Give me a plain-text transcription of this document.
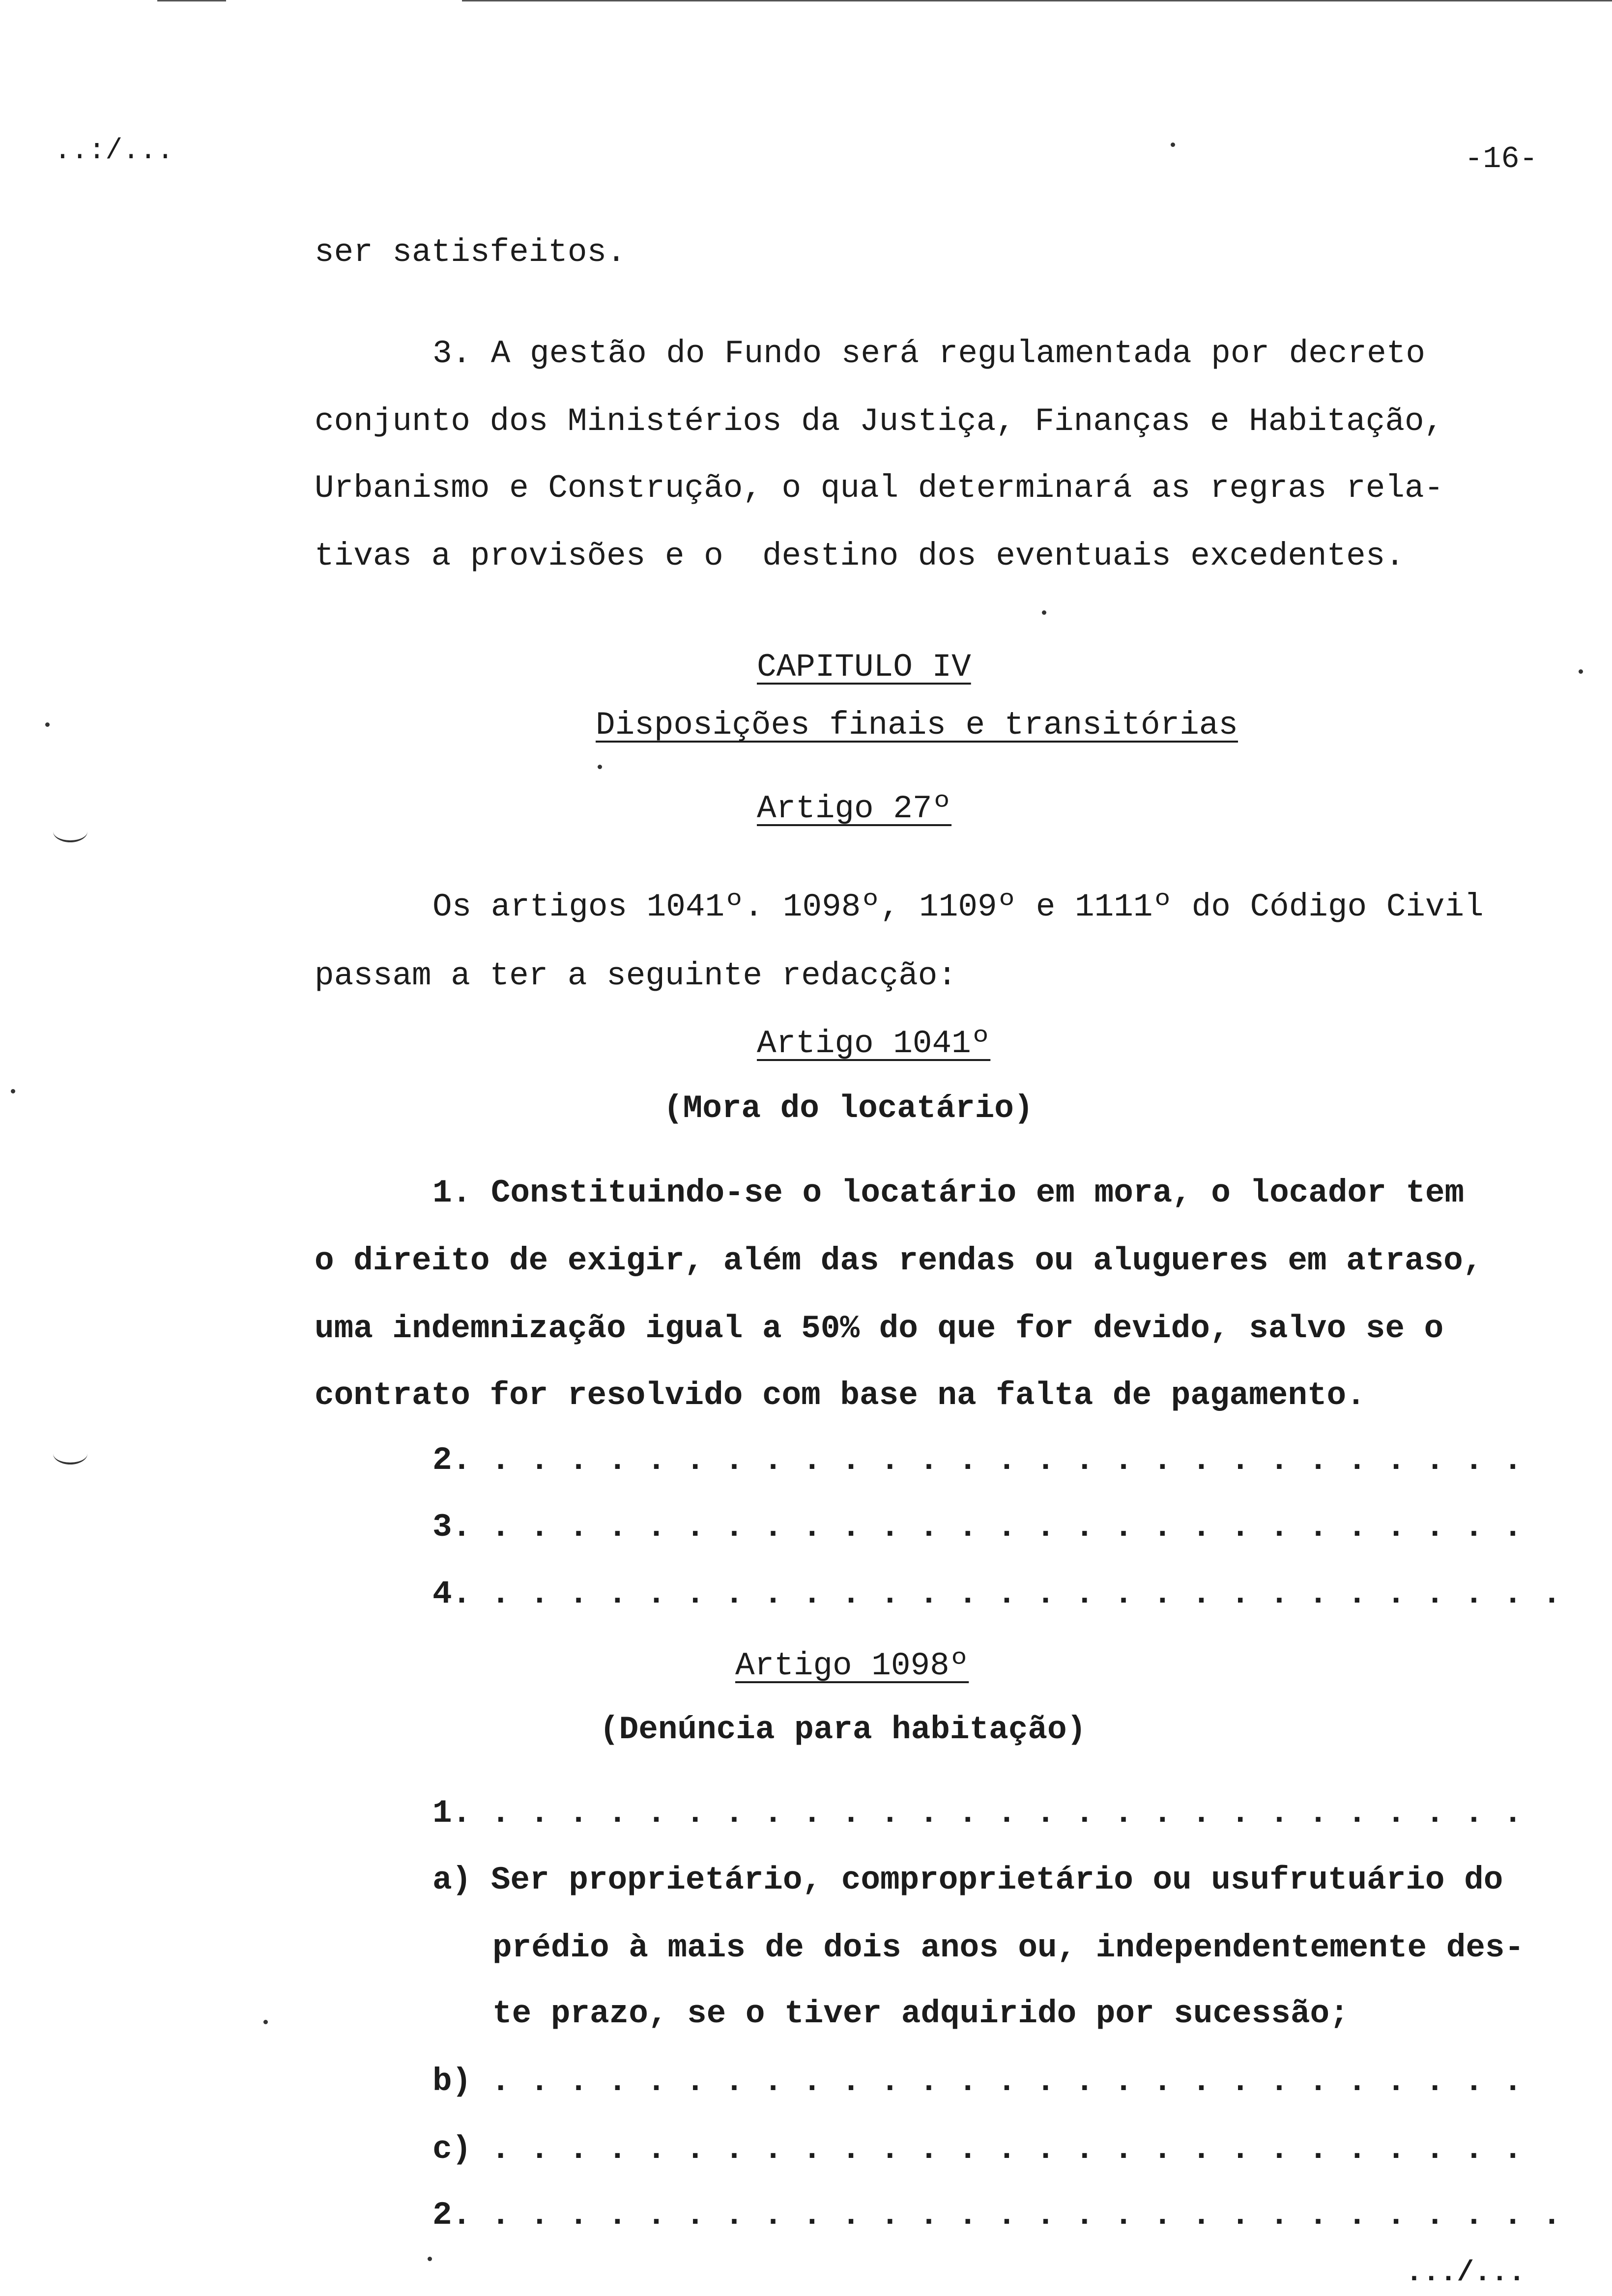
..:/...	-16-
ser satisfeitos.
3. A gestão do Fundo será regulamentada por decreto
conjunto dos Ministérios da Justiça, Finanças e Habitação,
Urbanismo e Construção, o qual determinará as regras rela-
tivas a provisões e o  destino dos eventuais excedentes.
CAPITULO IV
Disposições finais e transitórias
Artigo 27º
Os artigos 1041º. 1098º, 1109º e 1111º do Código Civil
passam a ter a seguinte redacção:
Artigo 1041º
(Mora do locatário)
1. Constituindo-se o locatário em mora, o locador tem
o direito de exigir, além das rendas ou alugueres em atraso,
uma indemnização igual a 50% do que for devido, salvo se o
contrato for resolvido com base na falta de pagamento.
2. . . . . . . . . . . . . . . . . . . . . . . . . . . .
3. . . . . . . . . . . . . . . . . . . . . . . . . . . .
4. . . . . . . . . . . . . . . . . . . . . . . . . . . . .
Artigo 1098º
(Denúncia para habitação)
1. . . . . . . . . . . . . . . . . . . . . . . . . . . .
a) Ser proprietário, comproprietário ou usufrutuário do
prédio à mais de dois anos ou, independentemente des-
te prazo, se o tiver adquirido por sucessão;
b) . . . . . . . . . . . . . . . . . . . . . . . . . . .
c) . . . . . . . . . . . . . . . . . . . . . . . . . . .
2. . . . . . . . . . . . . . . . . . . . . . . . . . . . .
.../...
